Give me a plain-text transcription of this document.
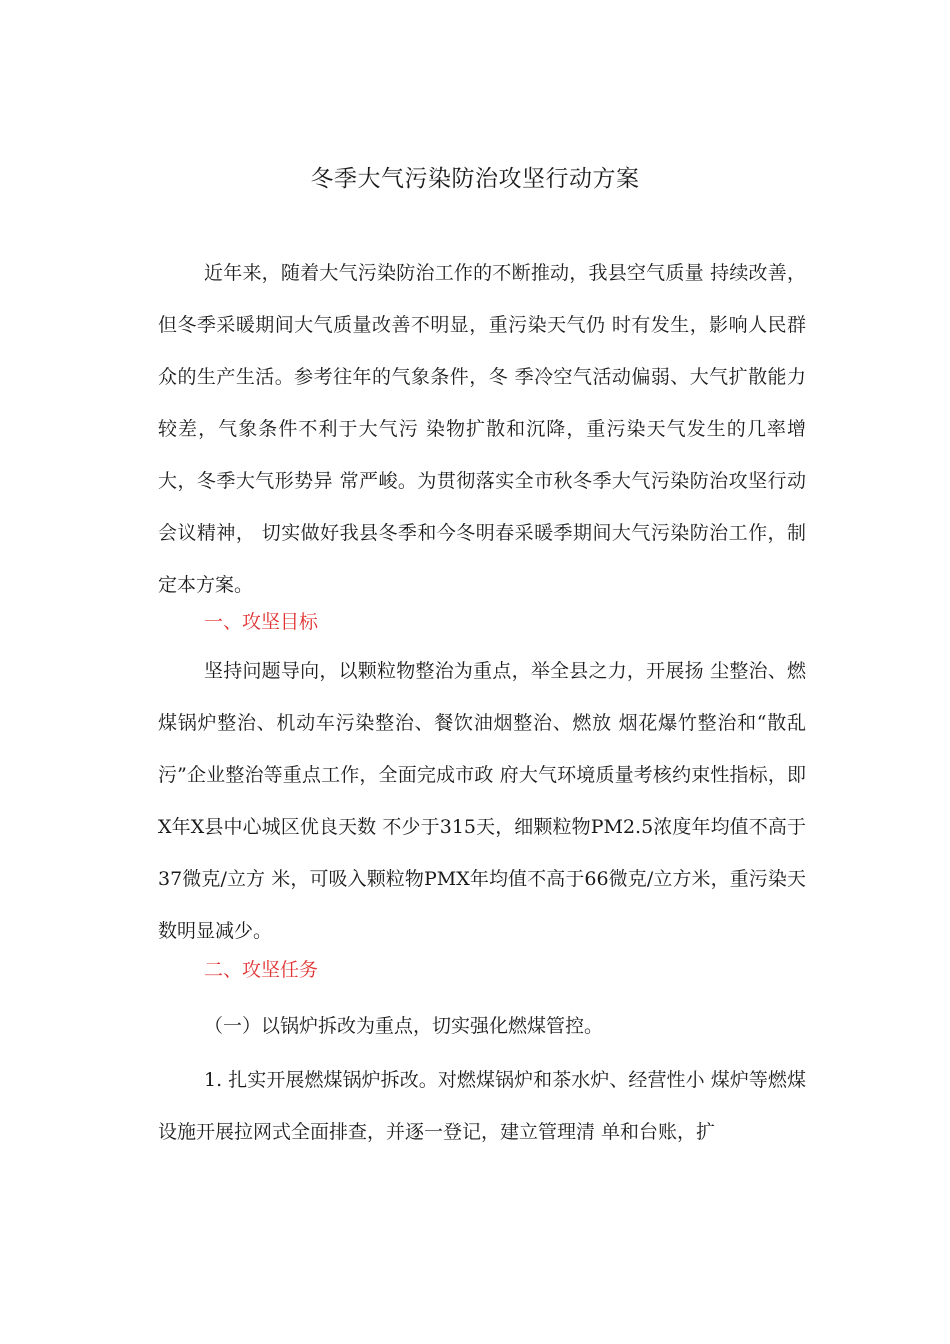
冬季大气污染防治攻坚行动方案

近年来，随着大气污染防治工作的不断推动，我县空气质量 持续改善，但冬季采暖期间大气质量改善不明显，重污染天气仍 时有发生，影响人民群众的生产生活。参考往年的气象条件，冬 季冷空气活动偏弱、大气扩散能力较差，气象条件不利于大气污 染物扩散和沉降，重污染天气发生的几率增大，冬季大气形势异 常严峻。为贯彻落实全市秋冬季大气污染防治攻坚行动会议精神， 切实做好我县冬季和今冬明春采暖季期间大气污染防治工作，制 定本方案。

一、攻坚目标

坚持问题导向，以颗粒物整治为重点，举全县之力，开展扬 尘整治、燃煤锅炉整治、机动车污染整治、餐饮油烟整治、燃放 烟花爆竹整治和“散乱污”企业整治等重点工作，全面完成市政 府大气环境质量考核约束性指标，即X年X县中心城区优良天数 不少于315天，细颗粒物PM2.5浓度年均值不高于37微克/立方 米，可吸入颗粒物PMX年均值不高于66微克/立方米，重污染天 数明显减少。

二、攻坚任务
（一）以锅炉拆改为重点，切实强化燃煤管控。

1. 扎实开展燃煤锅炉拆改。对燃煤锅炉和茶水炉、经营性小 煤炉等燃煤设施开展拉网式全面排查，并逐一登记，建立管理清 单和台账，扩
